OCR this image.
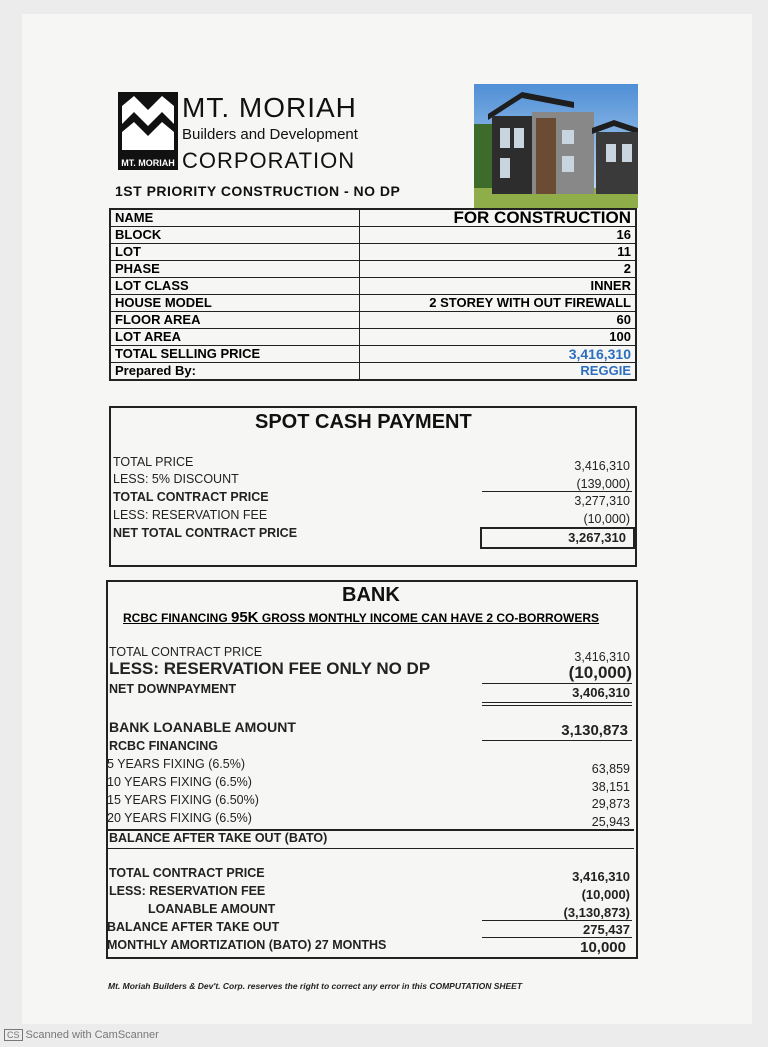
MT. MORIAH
MT. MORIAH
Builders and Development
CORPORATION
1ST PRIORITY CONSTRUCTION - NO DP
NAME	FOR CONSTRUCTION
BLOCK	16
LOT	11
PHASE	2
LOT CLASS	INNER
HOUSE MODEL	2 STOREY WITH OUT FIREWALL
FLOOR AREA	60
LOT AREA	100
TOTAL SELLING PRICE	3,416,310
Prepared By:	REGGIE
SPOT CASH PAYMENT
TOTAL PRICE	3,416,310
LESS: 5% DISCOUNT	(139,000)
TOTAL CONTRACT PRICE	3,277,310
LESS: RESERVATION FEE	(10,000)
NET TOTAL CONTRACT PRICE	3,267,310
BANK
RCBC FINANCING 95K GROSS MONTHLY INCOME CAN HAVE 2 CO-BORROWERS
TOTAL CONTRACT PRICE	3,416,310
LESS: RESERVATION FEE ONLY NO DP	(10,000)
NET DOWNPAYMENT	3,406,310
BANK LOANABLE AMOUNT	3,130,873
RCBC FINANCING
5 YEARS FIXING (6.5%)	63,859
10 YEARS FIXING (6.5%)	38,151
15 YEARS FIXING (6.50%)	29,873
20 YEARS FIXING (6.5%)	25,943
BALANCE AFTER TAKE OUT (BATO)
TOTAL CONTRACT PRICE	3,416,310
LESS: RESERVATION FEE	(10,000)
LOANABLE AMOUNT	(3,130,873)
BALANCE AFTER TAKE OUT	275,437
MONTHLY AMORTIZATION (BATO) 27 MONTHS	10,000
Mt. Moriah Builders & Dev't. Corp. reserves the right to correct any error in this COMPUTATION SHEET
CS Scanned with CamScanner
